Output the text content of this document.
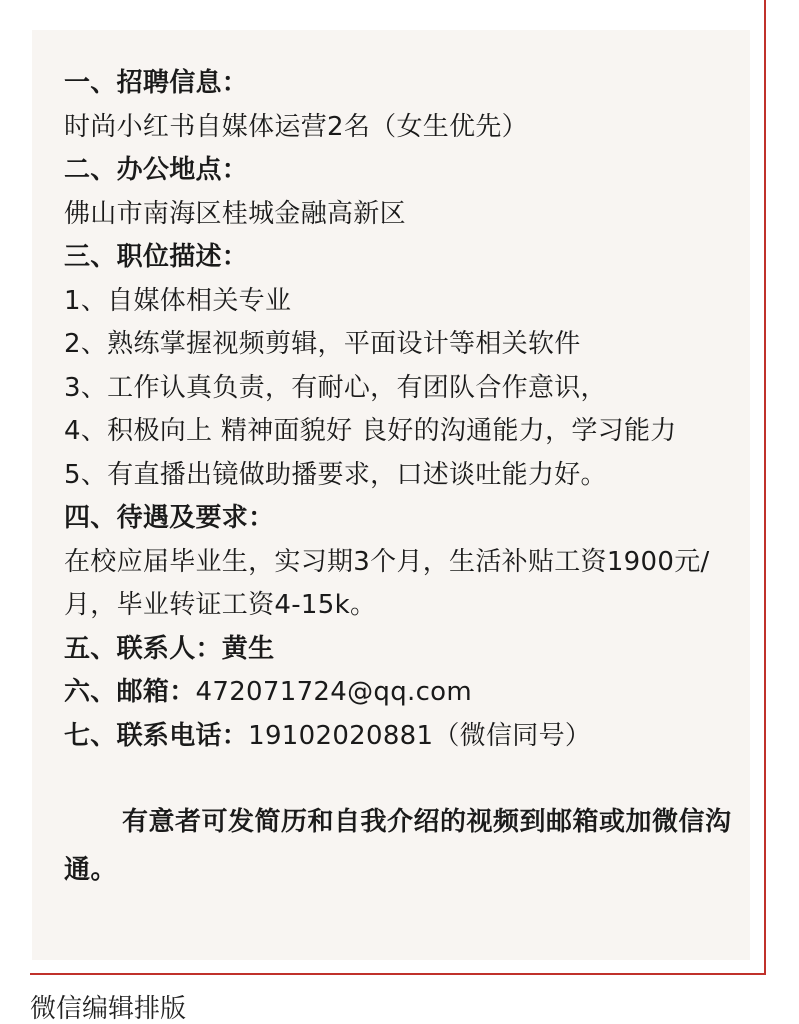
一、招聘信息：
时尚小红书自媒体运营2名（女生优先）
二、办公地点：
佛山市南海区桂城金融高新区
三、职位描述：
1、自媒体相关专业
2、熟练掌握视频剪辑，平面设计等相关软件
3、工作认真负责，有耐心，有团队合作意识，
4、积极向上 精神面貌好 良好的沟通能力，学习能力
5、有直播出镜做助播要求，口述谈吐能力好。
四、待遇及要求：
在校应届毕业生，实习期3个月，生活补贴工资1900元/月，毕业转证工资4-15k。
五、联系人：黄生
六、邮箱：472071724@qq.com
七、联系电话：19102020881（微信同号）
有意者可发简历和自我介绍的视频到邮箱或加微信沟通。
微信编辑排版
